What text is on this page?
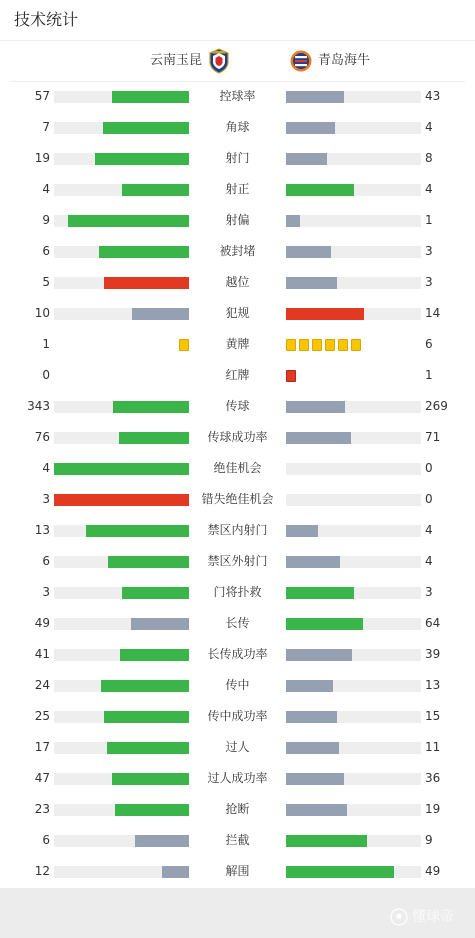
技术统计
云南玉昆	青岛海牛
57	控球率	43
7	角球	4
19	射门	8
4	射正	4
9	射偏	1
6	被封堵	3
5	越位	3
10	犯规	14
1	黄牌	6
0	红牌	1
343	传球	269
76	传球成功率	71
4	绝佳机会	0
3	错失绝佳机会	0
13	禁区内射门	4
6	禁区外射门	4
3	门将扑救	3
49	长传	64
41	长传成功率	39
24	传中	13
25	传中成功率	15
17	过人	11
47	过人成功率	36
23	抢断	19
6	拦截	9
12	解围	49
懂球帝
